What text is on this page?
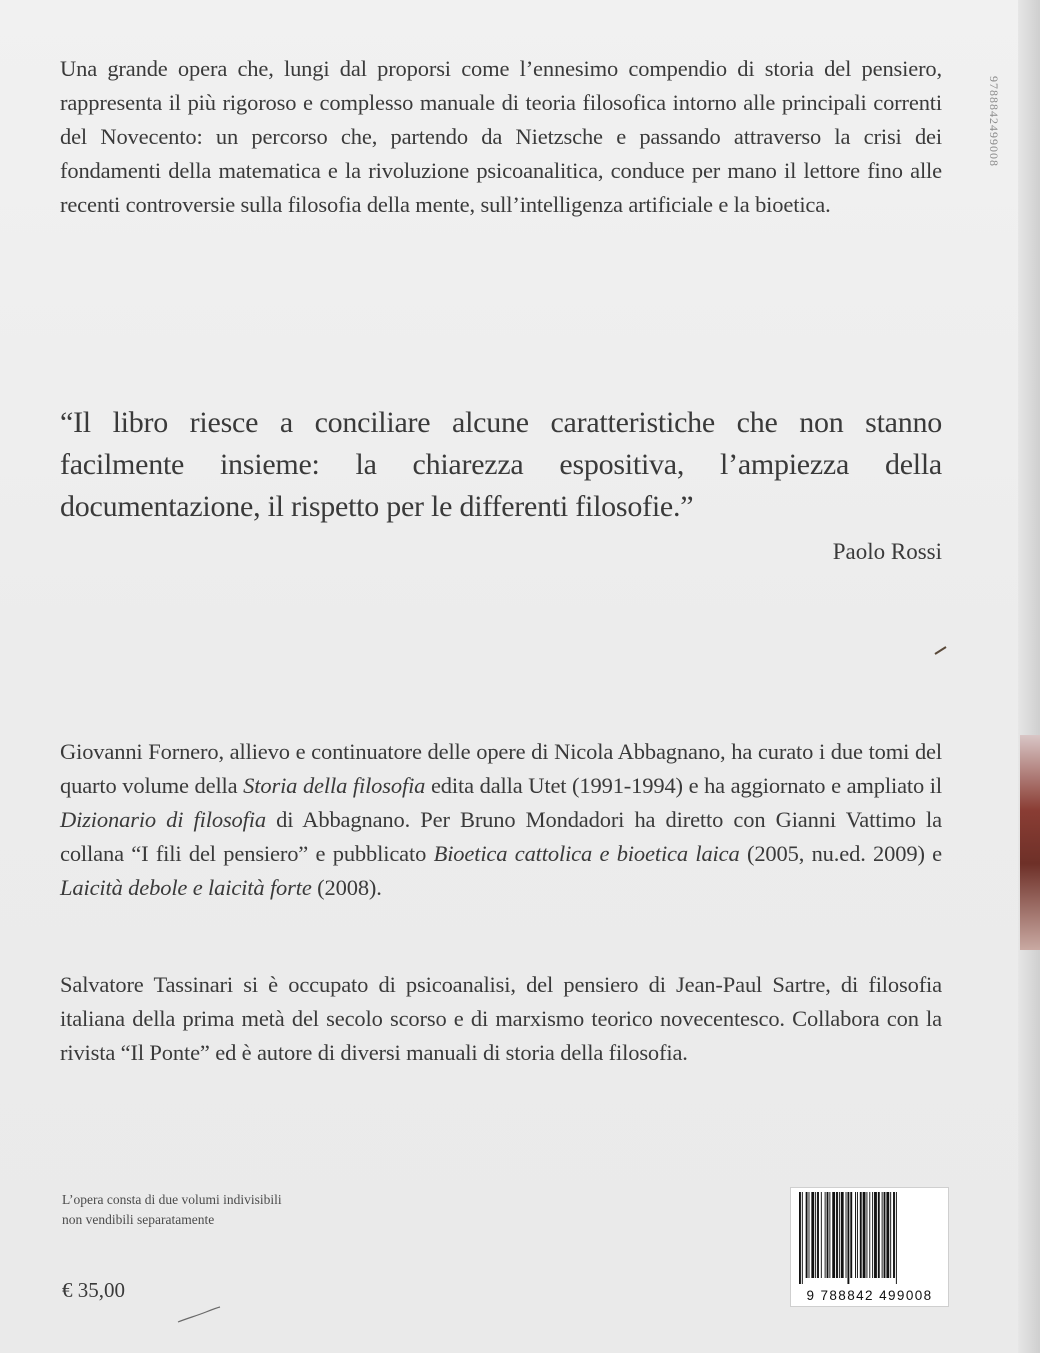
Una grande opera che, lungi dal proporsi come l’ennesimo compendio di storia del pensiero, rappresenta il più rigoroso e complesso manuale di teoria filosofica intorno alle principali correnti del Novecento: un percorso che, partendo da Nietzsche e passando attraverso la crisi dei fondamenti della matematica e la rivoluzione psicoanalitica, conduce per mano il lettore fino alle recenti controversie sulla filosofia della mente, sull’intelligenza artificiale e la bioetica.

“Il libro riesce a conciliare alcune caratteristiche che non stanno facilmente insieme: la chiarezza espositiva, l’ampiezza della documentazione, il rispetto per le differenti filosofie.”

Paolo Rossi

Giovanni Fornero, allievo e continuatore delle opere di Nicola Abbagnano, ha curato i due tomi del quarto volume della Storia della filosofia edita dalla Utet (1991-1994) e ha aggiornato e ampliato il Dizionario di filosofia di Abbagnano. Per Bruno Mondadori ha diretto con Gianni Vattimo la collana “I fili del pensiero” e pubblicato Bioetica cattolica e bioetica laica (2005, nu.ed. 2009) e Laicità debole e laicità forte (2008).

Salvatore Tassinari si è occupato di psicoanalisi, del pensiero di Jean-Paul Sartre, di filosofia italiana della prima metà del secolo scorso e di marxismo teorico novecentesco. Collabora con la rivista “Il Ponte” ed è autore di diversi manuali di storia della filosofia.

L’opera consta di due volumi indivisibili
non vendibili separatamente
€ 35,00
9788842499008
9 788842 499008
